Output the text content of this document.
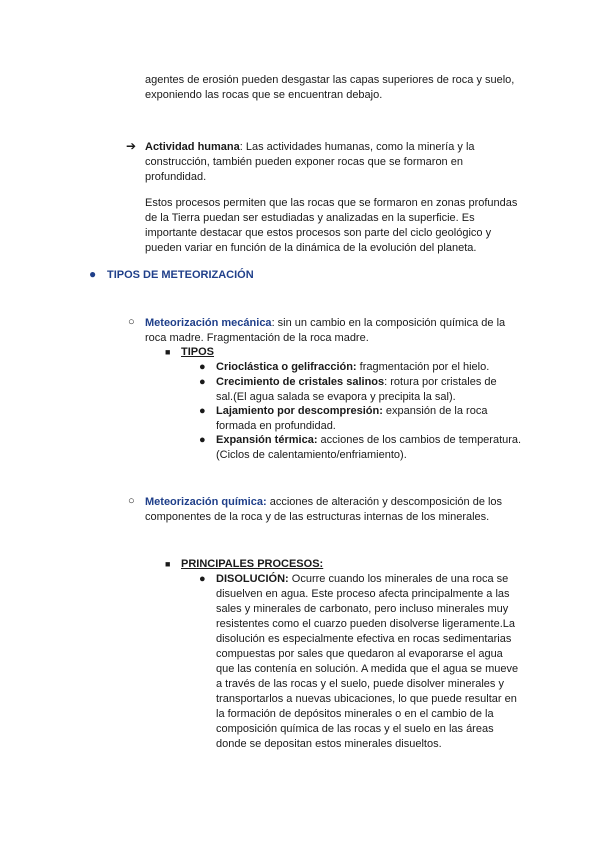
agentes de erosión pueden desgastar las capas superiores de roca y suelo,

exponiendo las rocas que se encuentran debajo.

➔ Actividad humana: Las actividades humanas, como la minería y la

construcción, también pueden exponer rocas que se formaron en

profundidad.

Estos procesos permiten que las rocas que se formaron en zonas profundas

de la Tierra puedan ser estudiadas y analizadas en la superficie. Es

importante destacar que estos procesos son parte del ciclo geológico y

pueden variar en función de la dinámica de la evolución del planeta.

● TIPOS DE METEORIZACIÓN
○ Meteorización mecánica: sin un cambio en la composición química de la

roca madre. Fragmentación de la roca madre.

■ TIPOS
● Crioclástica o gelifracción: fragmentación por el hielo.

● Crecimiento de cristales salinos: rotura por cristales de

sal.(El agua salada se evapora y precipita la sal).

● Lajamiento por descompresión: expansión de la roca

formada en profundidad.

● Expansión térmica: acciones de los cambios de temperatura.

(Ciclos de calentamiento/enfriamiento).

○ Meteorización química: acciones de alteración y descomposición de los

componentes de la roca y de las estructuras internas de los minerales.

■ PRINCIPALES PROCESOS:
● DISOLUCIÓN: Ocurre cuando los minerales de una roca se

disuelven en agua. Este proceso afecta principalmente a las

sales y minerales de carbonato, pero incluso minerales muy

resistentes como el cuarzo pueden disolverse ligeramente.La

disolución es especialmente efectiva en rocas sedimentarias

compuestas por sales que quedaron al evaporarse el agua

que las contenía en solución. A medida que el agua se mueve

a través de las rocas y el suelo, puede disolver minerales y

transportarlos a nuevas ubicaciones, lo que puede resultar en

la formación de depósitos minerales o en el cambio de la

composición química de las rocas y el suelo en las áreas

donde se depositan estos minerales disueltos.
